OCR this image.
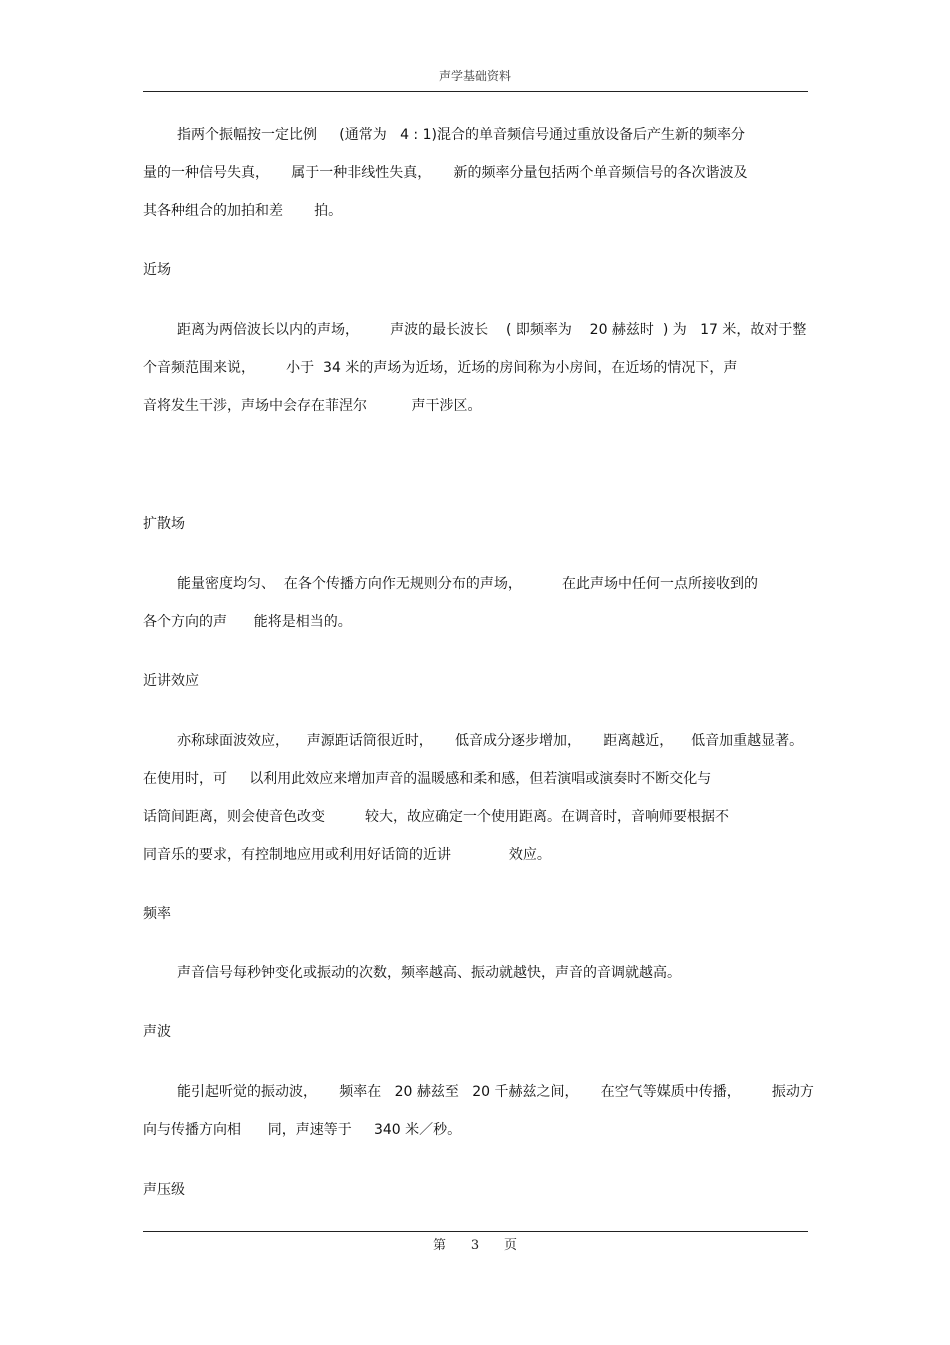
声学基础资料
指两个振幅按一定比例     (通常为   4 : 1)混合的单音频信号通过重放设备后产生新的频率分
量的一种信号失真，     属于一种非线性失真，     新的频率分量包括两个单音频信号的各次谐波及
其各种组合的加拍和差       拍。
近场
距离为两倍波长以内的声场，       声波的最长波长    ( 即频率为    20 赫兹时  ) 为   17 米，故对于整
个音频范围来说，       小于  34 米的声场为近场，近场的房间称为小房间，在近场的情况下，声
音将发生干涉，声场中会存在菲涅尔          声干涉区。
扩散场
能量密度均匀、  在各个传播方向作无规则分布的声场，         在此声场中任何一点所接收到的
各个方向的声      能将是相当的。
近讲效应
亦称球面波效应，    声源距话筒很近时，     低音成分逐步增加，     距离越近，    低音加重越显著。
在使用时，可     以利用此效应来增加声音的温暖感和柔和感，但若演唱或演奏时不断交化与
话筒间距离，则会使音色改变         较大，故应确定一个使用距离。在调音时，音响师要根据不
同音乐的要求，有控制地应用或利用好话筒的近讲             效应。
频率
声音信号每秒钟变化或振动的次数，频率越高、振动就越快，声音的音调就越高。
声波
能引起听觉的振动波，     频率在   20 赫兹至   20 千赫兹之间，     在空气等媒质中传播，       振动方
向与传播方向相      同，声速等于     340 米／秒。
声压级
第 3 页
